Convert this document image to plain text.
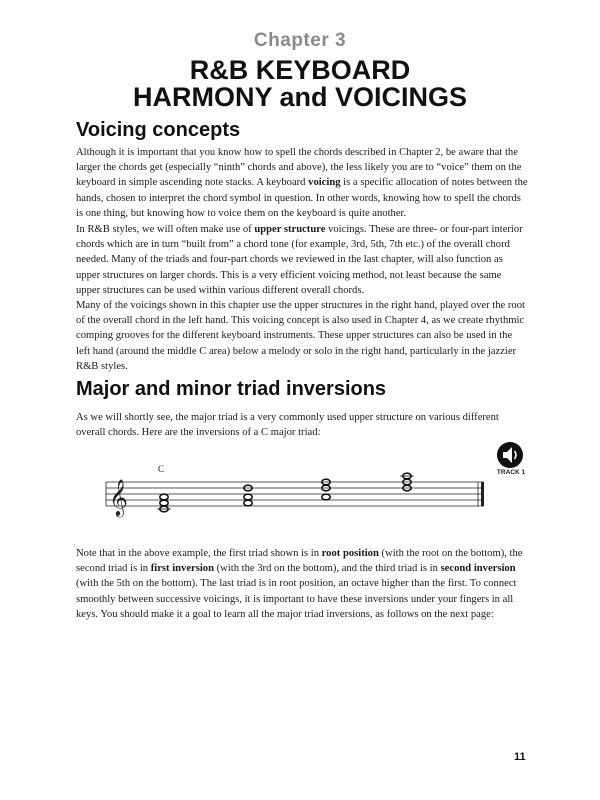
Chapter 3
R&B KEYBOARD
HARMONY and VOICINGS
Voicing concepts

Although it is important that you know how to spell the chords described in Chapter 2, be aware that the larger the chords get (especially “ninth” chords and above), the less likely you are to “voice” them on the keyboard in simple ascending note stacks. A keyboard voicing is a specific allocation of notes between the hands, chosen to interpret the chord symbol in question. In other words, knowing how to spell the chords is one thing, but knowing how to voice them on the keyboard is quite another.

In R&B styles, we will often make use of upper structure voicings. These are three- or four-part interior chords which are in turn “built from” a chord tone (for example, 3rd, 5th, 7th etc.) of the overall chord needed. Many of the triads and four-part chords we reviewed in the last chapter, will also function as upper structures on larger chords. This is a very efficient voicing method, not least because the same upper structures can be used within various different overall chords.

Many of the voicings shown in this chapter use the upper structures in the right hand, played over the root of the overall chord in the left hand. This voicing concept is also used in Chapter 4, as we create rhythmic comping grooves for the different keyboard instruments. These upper structures can also be used in the left hand (around the middle C area) below a melody or solo in the right hand, particularly in the jazzier R&B styles.

Major and minor triad inversions

As we will shortly see, the major triad is a very commonly used upper structure on various different overall chords. Here are the inversions of a C major triad:

𝄞
C	TRACK 1

Note that in the above example, the first triad shown is in root position (with the root on the bottom), the second triad is in first inversion (with the 3rd on the bottom), and the third triad is in second inversion (with the 5th on the bottom). The last triad is in root position, an octave higher than the first. To connect smoothly between successive voicings, it is important to have these inversions under your fingers in all keys. You should make it a goal to learn all the major triad inversions, as follows on the next page:

11
